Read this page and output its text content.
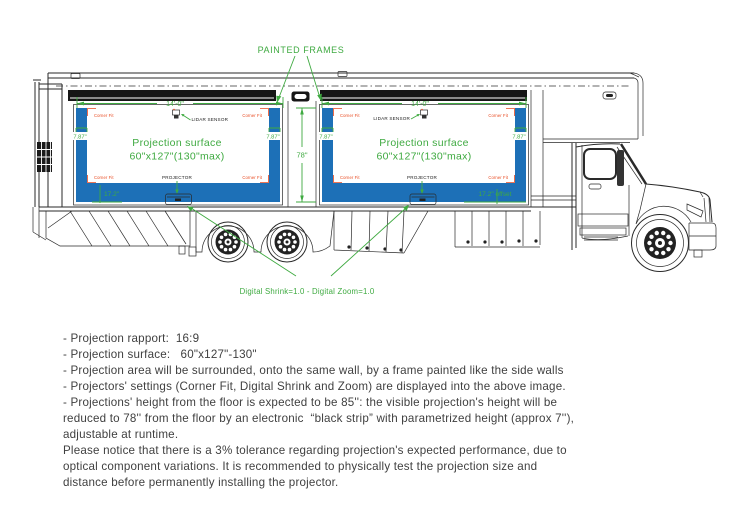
Projection surface
60"x127"(130"max)
Corner Fit	Corner Fit
Corner Fit	Corner Fit
LIDAR SENSOR
PROJECTOR
14'-0"
7.87"	7.87"
17.2"
Projection surface
60"x127"(130"max)
Corner Fit	Corner Fit
Corner Fit	Corner Fit
LIDAR SENSOR
PROJECTOR
14'-0"
7.87"	7.87"
17.2" offset
78"
PAINTED FRAMES
Digital Shrink=1.0 - Digital Zoom=1.0
- Projection rapport:  16:9
- Projection surface:   60"x127"-130"
- Projection area will be surrounded, onto the same wall, by a frame painted like the side walls
- Projectors' settings (Corner Fit, Digital Shrink and Zoom) are displayed into the above image.
- Projections' height from the floor is expected to be 85'': the visible projection's height will be
reduced to 78'' from the floor by an electronic  “black strip” with parametrized height (approx 7''),
adjustable at runtime.
Please notice that there is a 3% tolerance regarding projection's expected performance, due to
optical component variations. It is recommended to physically test the projection size and
distance before permanently installing the projector.
